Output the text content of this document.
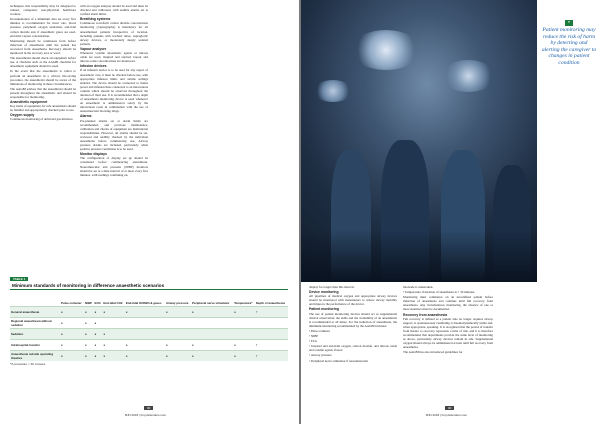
techniques, this responsibility may be delegated to trained, competent, non-physician healthcare workers.

Documentation of a minimum data set every five minutes is recommended for heart rate, blood pressure, peripheral oxygen saturation, end-tidal carbon dioxide and, if anaesthetic gases are used, end-tidal vapour concentration.

Monitoring should be continuous from before induction of anaesthesia until the patient has recovered from anaesthesia. Recovery should be monitored in the recovery area or ward.

The anaesthetist should check all equipment before use. A checklist such as the AAGBI checklist for anaesthetic equipment should be used.

In the event that the anaesthetist is called to perform an anaesthetic in a critical, life-saving procedure, the anaesthetist should be aware of the limitations of monitoring in these circumstances.

The AAGBI advises that the anaesthetist should be present throughout the anaesthetic and should be responsible for monitoring.

Anaesthetic equipment

Key items of equipment for safe anaesthesia should be familiar and appropriately checked prior to use.

Oxygen supply

Continuous monitoring of delivered gas mixtures

with an oxygen analyser should be used and must be checked and calibrated, with audible alarms set at verified alarm limits.

Breathing systems

Continuous waveform carbon dioxide concentration monitoring (capnography) is mandatory for all anaesthetised patients irrespective of location, including patients with tracheal tubes, supraglottic airway devices, or moderately deeply sedated patients.

Vapour analyser

Whenever volatile anaesthetic agents or nitrous oxide are used, inspired and expired vapour and nitrous oxide concentrations are monitored.

Infusion devices

If an infusion device is to be used for any aspect of anaesthetic care, it must be checked before use, with appropriate infusion limits and alarms settings enabled. The device should be connected to mains power and infusion lines connected to an intravenous cannula which should be observed throughout the duration of their use. It is recommended that a depth of anaesthesia monitoring device is used whenever an anaesthetic is administered solely by the intravenous route in combination with the use of neuromuscular blocking drugs.

Alarms

Pre-planned alarms set at alarm limits are recommended, and previous maintenance, calibration and checks of equipment are institutional responsibilities. However, all alarms should be set, reviewed and audibly checked by the individual anaesthetist before commencing use. Airway pressure alarms are included, particularly when positive pressure ventilation is to be used.

Monitor displays

The configuration of display set up should be considered before commencing anaesthesia. Neuromuscular and pressure (NIBP) monitors should be set at a time interval of at most every five minutes, with readings continuing on.

TABLE 1
Minimum standards of monitoring in difference anaesthetic scenarios
	Pulse oximeter	NIBP	ECG	End-tidal CO2	End-tidal O2/N2O & gases	Airway pressure	Peripheral nerve stimulator	Temperature*	Depth of anaesthesia
General anaesthesia	●	●	●	●	●	●	●	●	†
Regional anaesthesia without sedation	●	●	●						
Sedation	●	●	●	●					
Intrahospital transfer	●	●	●	●	●	●	●	●	†
Anaesthesia outside operating theatres	●	●	●	●	●	●	●	●	†
*If procedure > 30 minutes
00
BJN 2018 | bmj.defenders.com
❝
Patient monitoring may reduce the risk of harm by detecting and alerting the caregiver to changes in patient condition

display for longer than this interval.

Device monitoring

All pipelines of medical oxygen and appropriate airway devices should be monitored with manometers to reduce airway mobility and improve the performance of the device.

Patient monitoring

The use of patient monitoring devices should act as supplemental clinical observation, the skills and the availability of an anaesthetist is recommended at all times. For the induction of anaesthesia, the minimum monitoring recommended by the AAGBI includes:

• Pulse oximeter

• NIBP

• ECG

• Inspired and end-tidal oxygen, carbon dioxide, and nitrous oxide and volatile agents if used

• Airway pressure

• Peripheral nerve stimulator if neuromuscular

blockade is undertaken.

• Temperature if duration of anaesthesia is > 30 minutes.

Monitoring must commence on an unconfined patient before induction of anaesthesia and continue until full recovery from anaesthesia. Any circumstances monitoring, the absence of one or more monitors must be documented.

Recovery from anaesthesia

Full recovery is defined as a patient who no longer requires airway support, is spontaneously ventilating, is haemodynamically stable and, when appropriate, speaking. It is recognised that the period of transfer from theatre to recovery represents a time of risk, and it is therefore recommended that departments provide the same level of monitoring as above, particularly airway devices remain in situ. Supplemental oxygen should always be administered at least until full recovery from anaesthesia.

The AAGBI has also introduced guidelines for

00
BJN 2018 | bmj.defenders.com
